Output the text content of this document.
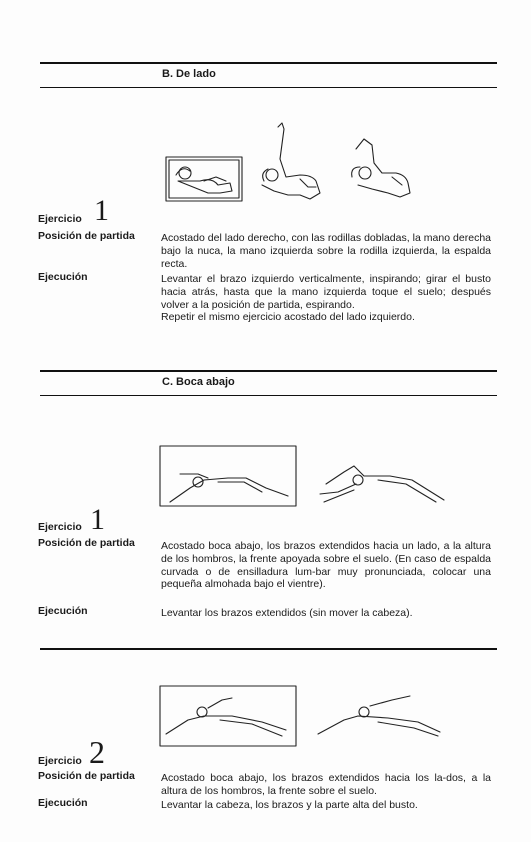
B. De lado
Ejercicio 1
Posición de partida Acostado del lado derecho, con las rodillas dobladas, la mano derecha bajo la nuca, la mano izquierda sobre la rodilla izquierda, la espalda recta.

Ejecución	Levantar el brazo izquierdo verticalmente, inspirando; girar el busto hacia atrás, hasta que la mano izquierda toque el suelo; después volver a la posición de partida, espirando.

Repetir el mismo ejercicio acostado del lado izquierdo.

C. Boca abajo
Ejercicio 1
Posición de partida Acostado boca abajo, los brazos extendidos hacia un lado, a la altura de los hombros, la frente apoyada sobre el suelo. (En caso de espalda curvada o de ensilladura lum-bar muy pronunciada, colocar una pequeña almohada bajo el vientre).

Ejecución	Levantar los brazos extendidos (sin mover la cabeza).

Ejercicio 2
Posición de partida Acostado boca abajo, los brazos extendidos hacia los la-dos, a la altura de los hombros, la frente sobre el suelo.

Ejecución	Levantar la cabeza, los brazos y la parte alta del busto.
